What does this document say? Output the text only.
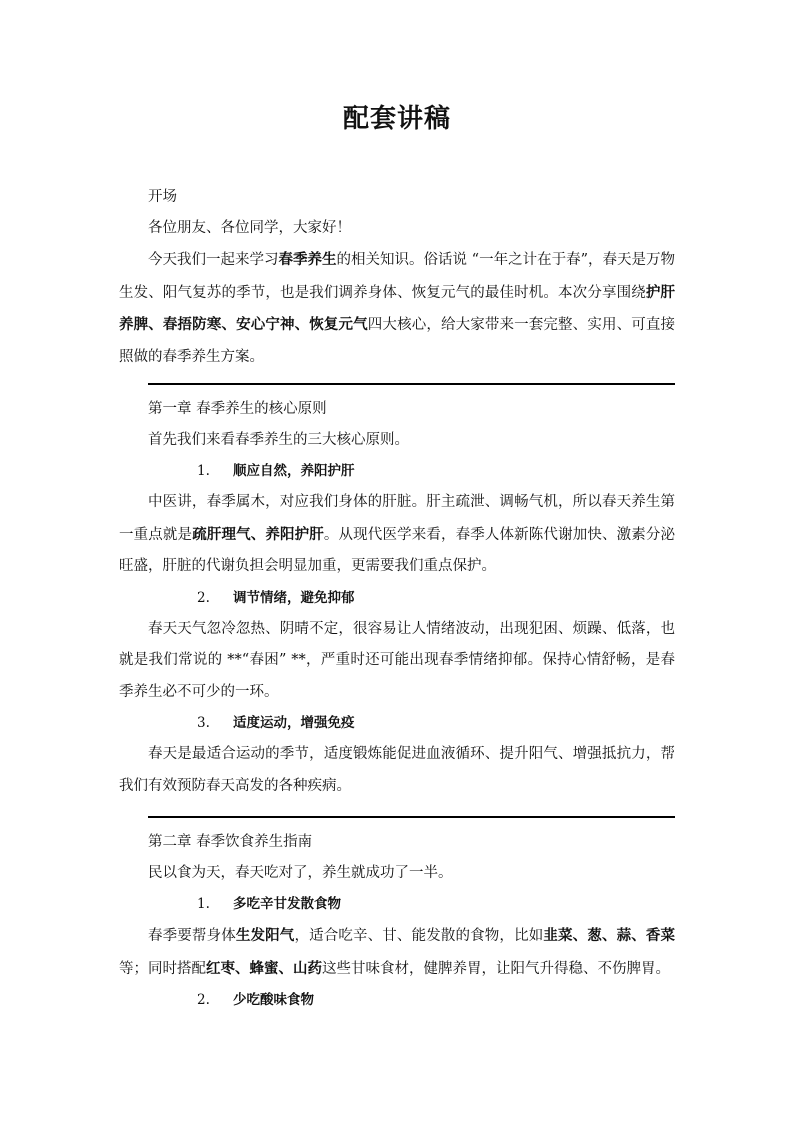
配套讲稿
开场
各位朋友、各位同学，大家好！
今天我们一起来学习春季养生的相关知识。俗话说 “一年之计在于春”，春天是万物生发、阳气复苏的季节，也是我们调养身体、恢复元气的最佳时机。本次分享围绕护肝养脾、春捂防寒、安心宁神、恢复元气四大核心，给大家带来一套完整、实用、可直接照做的春季养生方案。
第一章 春季养生的核心原则
首先我们来看春季养生的三大核心原则。
1. 顺应自然，养阳护肝
中医讲，春季属木，对应我们身体的肝脏。肝主疏泄、调畅气机，所以春天养生第一重点就是疏肝理气、养阳护肝。从现代医学来看，春季人体新陈代谢加快、激素分泌旺盛，肝脏的代谢负担会明显加重，更需要我们重点保护。
2. 调节情绪，避免抑郁
春天天气忽冷忽热、阴晴不定，很容易让人情绪波动，出现犯困、烦躁、低落，也就是我们常说的 **“春困” **，严重时还可能出现春季情绪抑郁。保持心情舒畅，是春季养生必不可少的一环。
3. 适度运动，增强免疫
春天是最适合运动的季节，适度锻炼能促进血液循环、提升阳气、增强抵抗力，帮我们有效预防春天高发的各种疾病。
第二章 春季饮食养生指南
民以食为天，春天吃对了，养生就成功了一半。
1. 多吃辛甘发散食物
春季要帮身体生发阳气，适合吃辛、甘、能发散的食物，比如韭菜、葱、蒜、香菜等；同时搭配红枣、蜂蜜、山药这些甘味食材，健脾养胃，让阳气升得稳、不伤脾胃。
2. 少吃酸味食物
